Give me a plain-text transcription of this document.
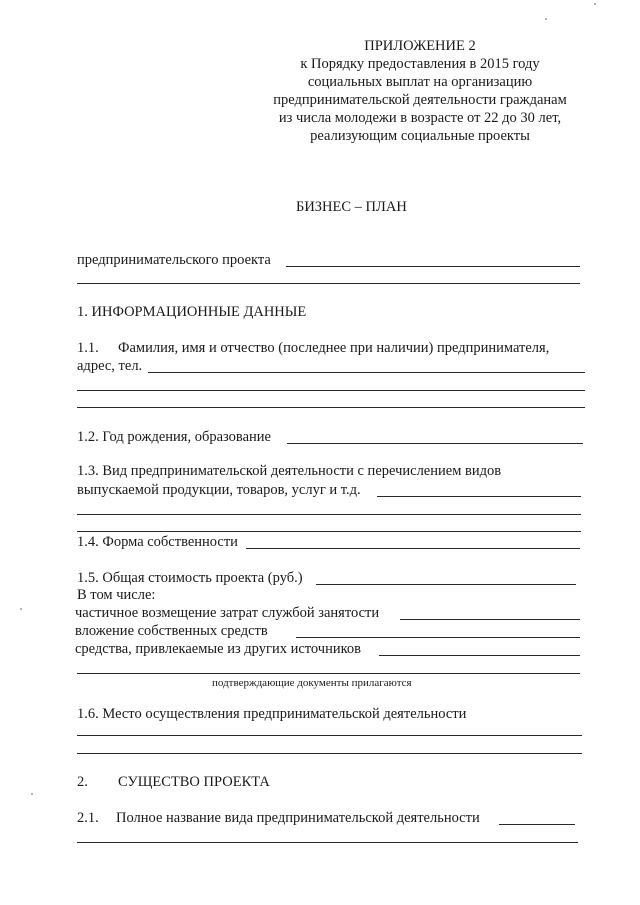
ПРИЛОЖЕНИЕ 2
к Порядку предоставления в 2015 году
социальных выплат на организацию
предпринимательской деятельности гражданам
из числа молодежи в возрасте от 22 до 30 лет,
реализующим социальные проекты
БИЗНЕС – ПЛАН
предпринимательского проекта
1. ИНФОРМАЦИОННЫЕ ДАННЫЕ
1.1. Фамилия, имя и отчество (последнее при наличии) предпринимателя,
адрес, тел.
1.2. Год рождения, образование
1.3. Вид предпринимательской деятельности с перечислением видов
выпускаемой продукции, товаров, услуг и т.д.
1.4. Форма собственности
1.5. Общая стоимость проекта (руб.)
В том числе:
частичное возмещение затрат службой занятости
вложение собственных средств
средства, привлекаемые из других источников
подтверждающие документы прилагаются
1.6. Место осуществления предпринимательской деятельности
2. СУЩЕСТВО ПРОЕКТА
2.1. Полное название вида предпринимательской деятельности
